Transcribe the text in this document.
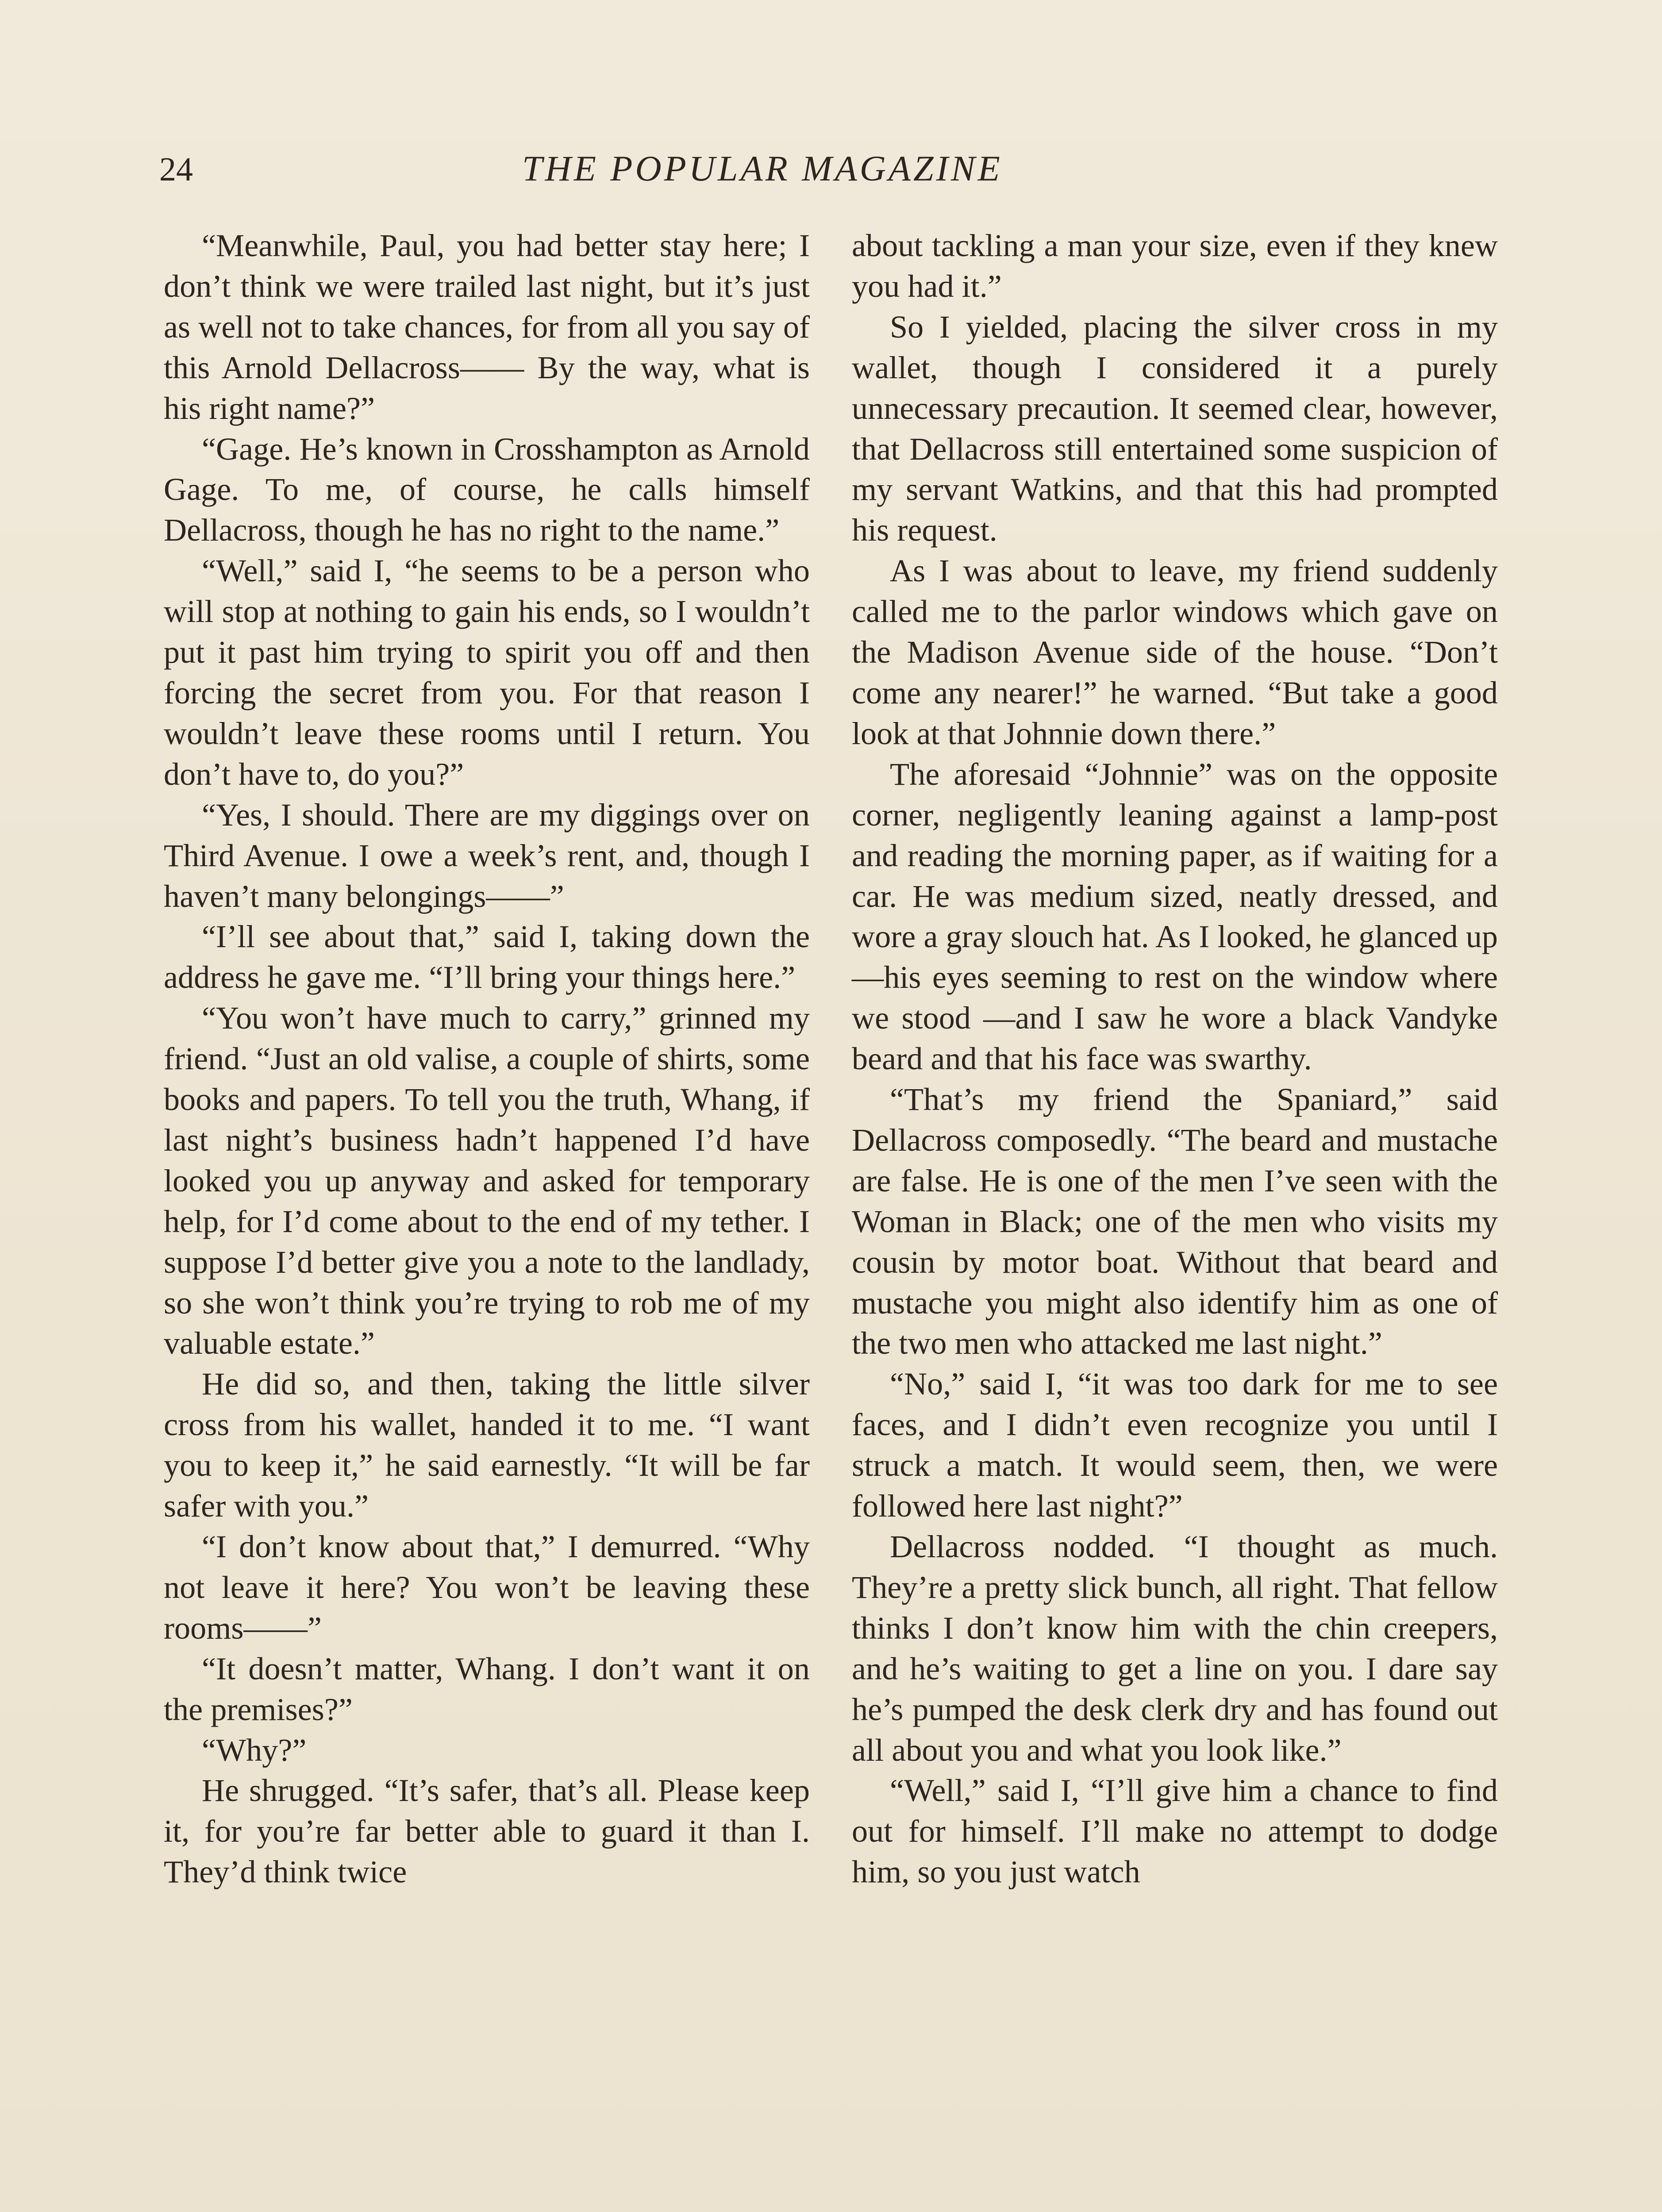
24	THE POPULAR MAGAZINE

“Meanwhile, Paul, you had better stay here; I don’t think we were trailed last night, but it’s just as well not to take chances, for from all you say of this Arnold Dellacross—— By the way, what is his right name?”

“Gage. He’s known in Crosshampton as Arnold Gage. To me, of course, he calls himself Dellacross, though he has no right to the name.”

“Well,” said I, “he seems to be a person who will stop at nothing to gain his ends, so I wouldn’t put it past him trying to spirit you off and then forcing the secret from you. For that reason I wouldn’t leave these rooms until I return. You don’t have to, do you?”

“Yes, I should. There are my diggings over on Third Avenue. I owe a week’s rent, and, though I haven’t many belongings——”

“I’ll see about that,” said I, taking down the address he gave me. “I’ll bring your things here.”

“You won’t have much to carry,” grinned my friend. “Just an old valise, a couple of shirts, some books and papers. To tell you the truth, Whang, if last night’s business hadn’t happened I’d have looked you up anyway and asked for temporary help, for I’d come about to the end of my tether. I suppose I’d better give you a note to the landlady, so she won’t think you’re trying to rob me of my valuable estate.”

He did so, and then, taking the little silver cross from his wallet, handed it to me. “I want you to keep it,” he said earnestly. “It will be far safer with you.”

“I don’t know about that,” I demurred. “Why not leave it here? You won’t be leaving these rooms——”

“It doesn’t matter, Whang. I don’t want it on the premises?”

“Why?”

He shrugged. “It’s safer, that’s all. Please keep it, for you’re far better able to guard it than I. They’d think twice

about tackling a man your size, even if they knew you had it.”

So I yielded, placing the silver cross in my wallet, though I considered it a purely unnecessary precaution. It seemed clear, however, that Dellacross still entertained some suspicion of my servant Watkins, and that this had prompted his request.

As I was about to leave, my friend suddenly called me to the parlor windows which gave on the Madison Avenue side of the house. “Don’t come any nearer!” he warned. “But take a good look at that Johnnie down there.”

The aforesaid “Johnnie” was on the opposite corner, negligently leaning against a lamp-post and reading the morning paper, as if waiting for a car. He was medium sized, neatly dressed, and wore a gray slouch hat. As I looked, he glanced up—his eyes seeming to rest on the window where we stood —and I saw he wore a black Vandyke beard and that his face was swarthy.

“That’s my friend the Spaniard,” said Dellacross composedly. “The beard and mustache are false. He is one of the men I’ve seen with the Woman in Black; one of the men who visits my cousin by motor boat. Without that beard and mustache you might also identify him as one of the two men who attacked me last night.”

“No,” said I, “it was too dark for me to see faces, and I didn’t even recognize you until I struck a match. It would seem, then, we were followed here last night?”

Dellacross nodded. “I thought as much. They’re a pretty slick bunch, all right. That fellow thinks I don’t know him with the chin creepers, and he’s waiting to get a line on you. I dare say he’s pumped the desk clerk dry and has found out all about you and what you look like.”

“Well,” said I, “I’ll give him a chance to find out for himself. I’ll make no attempt to dodge him, so you just watch
